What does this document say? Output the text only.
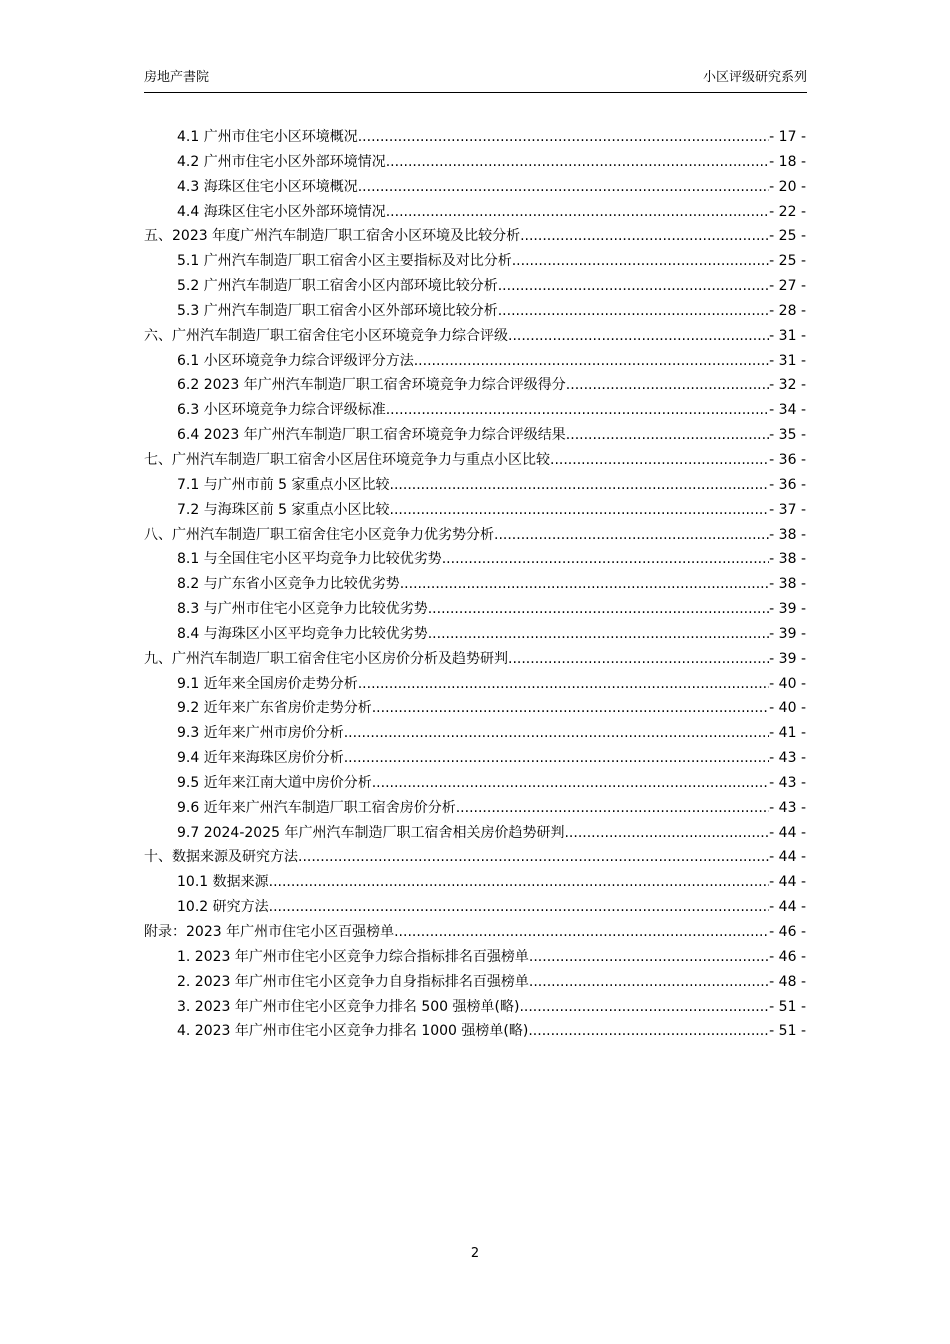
房地产書院	小区评级研究系列
4.1 广州市住宅小区环境概况 .....	- 17 -
4.2 广州市住宅小区外部环境情况 .....	- 18 -
4.3 海珠区住宅小区环境概况 .....	- 20 -
4.4 海珠区住宅小区外部环境情况 .....	- 22 -
五、2023 年度广州汽车制造厂职工宿舍小区环境及比较分析 .....	- 25 -
5.1 广州汽车制造厂职工宿舍小区主要指标及对比分析 .....	- 25 -
5.2 广州汽车制造厂职工宿舍小区内部环境比较分析 .....	- 27 -
5.3 广州汽车制造厂职工宿舍小区外部环境比较分析 .....	- 28 -
六、广州汽车制造厂职工宿舍住宅小区环境竞争力综合评级 .....	- 31 -
6.1 小区环境竞争力综合评级评分方法 .....	- 31 -
6.2 2023 年广州汽车制造厂职工宿舍环境竞争力综合评级得分 .....	- 32 -
6.3 小区环境竞争力综合评级标准 .....	- 34 -
6.4 2023 年广州汽车制造厂职工宿舍环境竞争力综合评级结果 .....	- 35 -
七、广州汽车制造厂职工宿舍小区居住环境竞争力与重点小区比较 .....	- 36 -
7.1 与广州市前 5 家重点小区比较 .....	- 36 -
7.2 与海珠区前 5 家重点小区比较 .....	- 37 -
八、广州汽车制造厂职工宿舍住宅小区竞争力优劣势分析 .....	- 38 -
8.1 与全国住宅小区平均竞争力比较优劣势 .....	- 38 -
8.2 与广东省小区竞争力比较优劣势 .....	- 38 -
8.3 与广州市住宅小区竞争力比较优劣势 .....	- 39 -
8.4 与海珠区小区平均竞争力比较优劣势 .....	- 39 -
九、广州汽车制造厂职工宿舍住宅小区房价分析及趋势研判 .....	- 39 -
9.1 近年来全国房价走势分析 .....	- 40 -
9.2 近年来广东省房价走势分析 .....	- 40 -
9.3 近年来广州市房价分析 .....	- 41 -
9.4 近年来海珠区房价分析 .....	- 43 -
9.5 近年来江南大道中房价分析 .....	- 43 -
9.6 近年来广州汽车制造厂职工宿舍房价分析 .....	- 43 -
9.7 2024-2025 年广州汽车制造厂职工宿舍相关房价趋势研判 .....	- 44 -
十、数据来源及研究方法 .....	- 44 -
10.1 数据来源 .....	- 44 -
10.2 研究方法 .....	- 44 -
附录：2023 年广州市住宅小区百强榜单 .....	- 46 -
1. 2023 年广州市住宅小区竞争力综合指标排名百强榜单 .....	- 46 -
2. 2023 年广州市住宅小区竞争力自身指标排名百强榜单 .....	- 48 -
3. 2023 年广州市住宅小区竞争力排名 500 强榜单(略) .....	- 51 -
4. 2023 年广州市住宅小区竞争力排名 1000 强榜单(略) .....	- 51 -
2
